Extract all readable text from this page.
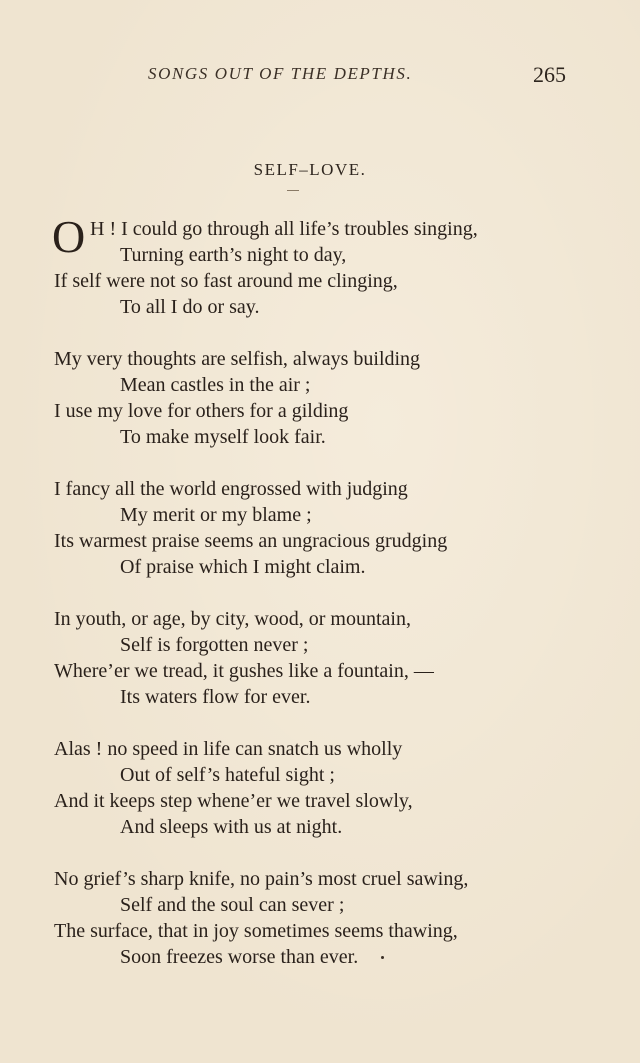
SONGS OUT OF THE DEPTHS.	265
SELF–LOVE.
O H ! I could go through all life’s troubles singing,
Turning earth’s night to day,
If self were not so fast around me clinging,
To all I do or say.
My very thoughts are selfish, always building
Mean castles in the air ;
I use my love for others for a gilding
To make myself look fair.
I fancy all the world engrossed with judging
My merit or my blame ;
Its warmest praise seems an ungracious grudging
Of praise which I might claim.
In youth, or age, by city, wood, or mountain,
Self is forgotten never ;
Where’er we tread, it gushes like a fountain, —
Its waters flow for ever.
Alas ! no speed in life can snatch us wholly
Out of self’s hateful sight ;
And it keeps step whene’er we travel slowly,
And sleeps with us at night.
No grief’s sharp knife, no pain’s most cruel sawing,
Self and the soul can sever ;
The surface, that in joy sometimes seems thawing,
Soon freezes worse than ever.
